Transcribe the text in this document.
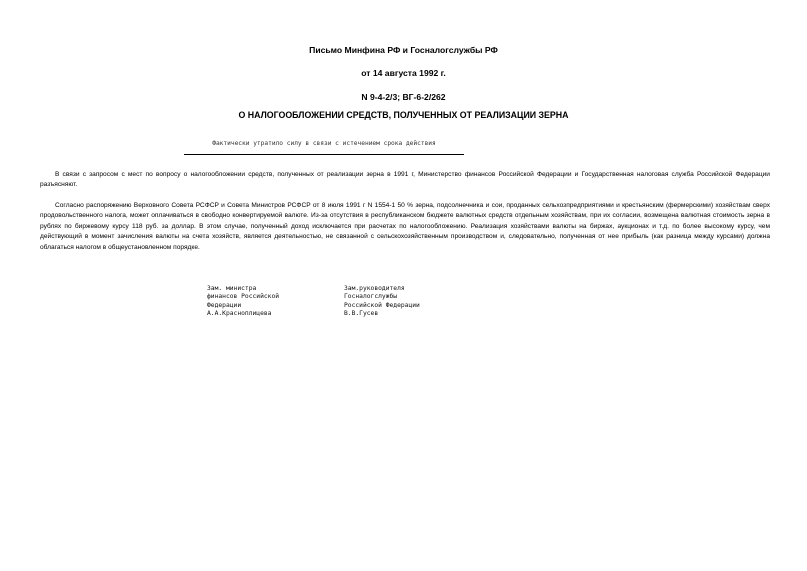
Письмо Минфина РФ и Госналогслужбы РФ
от 14 августа 1992 г.
N 9-4-2/3; ВГ-6-2/262
О НАЛОГООБЛОЖЕНИИ СРЕДСТВ, ПОЛУЧЕННЫХ ОТ РЕАЛИЗАЦИИ ЗЕРНА
Фактически утратило силу в связи с истечением срока действия
В связи с запросом с мест по вопросу о налогообложении средств, полученных от реализации зерна в 1991 г, Министерство финансов Российской Федерации и Государственная налоговая служба Российской Федерации разъясняют.
Согласно распоряжению Верховного Совета РСФСР и Совета Министров РСФСР от 8 июля 1991 г N 1554-1 50 % зерна, подсолнечника и сои, проданных сельхозпредприятиями и крестьянским (фермерскими) хозяйствам сверх продовольственного налога, может оплачиваться в свободно конвертируемой валюте. Из-за отсутствия в республиканском бюджете валютных средств отдельным хозяйствам, при их согласии, возмещена валютная стоимость зерна в рублях по биржевому курсу 118 руб. за доллар. В этом случае, полученный доход исключается при расчетах по налогообложению. Реализация хозяйствами валюты на биржах, аукционах и т.д. по более высокому курсу, чем действующий в момент зачисления валюты на счета хозяйств, является деятельностью, не связанной с сельскохозяйственным производством и, следовательно, полученная от нее прибыль (как разница между курсами) должна облагаться налогом в общеустановленном порядке.
Зам. министра
финансов Российской
Федерации
А.А.Красноплицева
Зам.руководителя
Госналогслужбы
Российской Федерации
В.В.Гусев
